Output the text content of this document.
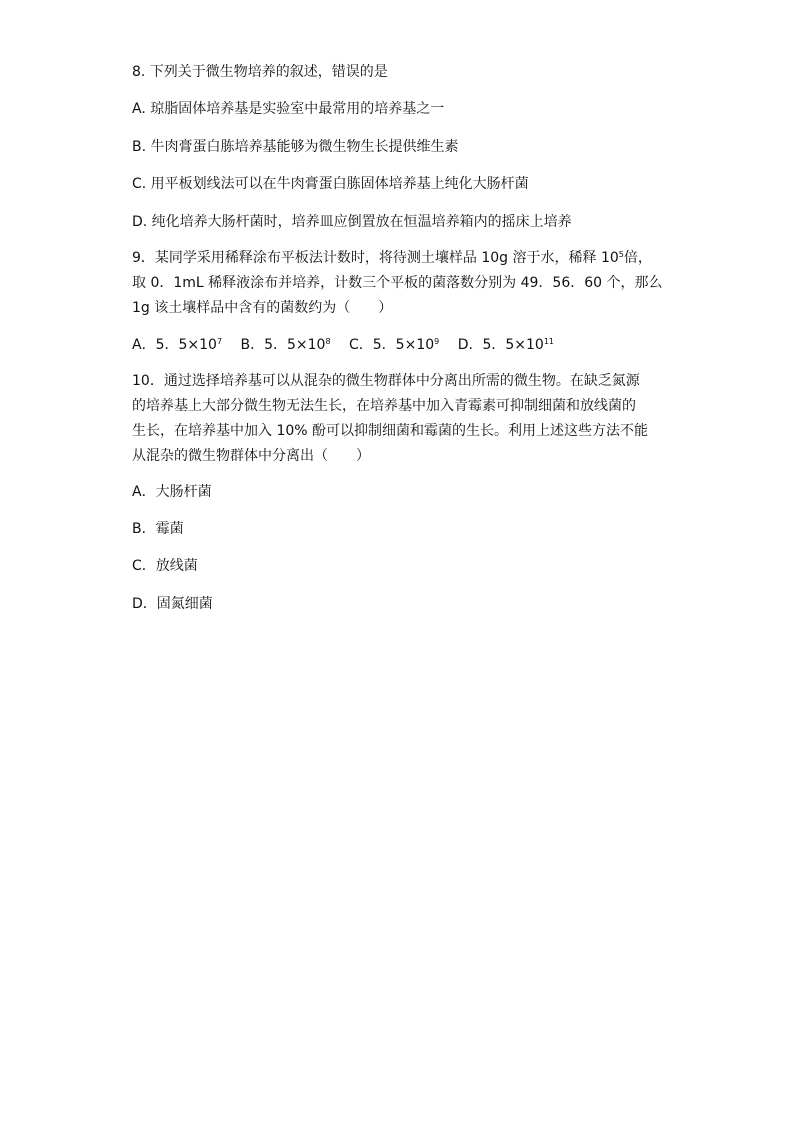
8. 下列关于微生物培养的叙述，错误的是
A. 琼脂固体培养基是实验室中最常用的培养基之一
B. 牛肉膏蛋白胨培养基能够为微生物生长提供维生素
C. 用平板划线法可以在牛肉膏蛋白胨固体培养基上纯化大肠杆菌
D. 纯化培养大肠杆菌时，培养皿应倒置放在恒温培养箱内的摇床上培养
9．某同学采用稀释涂布平板法计数时，将待测土壤样品 10g 溶于水，稀释 $10^5$倍，
取 0．1mL 稀释液涂布并培养，计数三个平板的菌落数分别为 49．56．60 个，那么
1g 该土壤样品中含有的菌数约为（　　）
A．5．$5\times 10^7$ B．5．$5\times 10^8$ C．5．$5\times 10^9$ D．5．$5\times 10^{11}$
10．通过选择培养基可以从混杂的微生物群体中分离出所需的微生物。在缺乏氮源
的培养基上大部分微生物无法生长，在培养基中加入青霉素可抑制细菌和放线菌的
生长，在培养基中加入 10% 酚可以抑制细菌和霉菌的生长。利用上述这些方法不能
从混杂的微生物群体中分离出（　　）
A．大肠杆菌
B．霉菌
C．放线菌
D．固氮细菌
